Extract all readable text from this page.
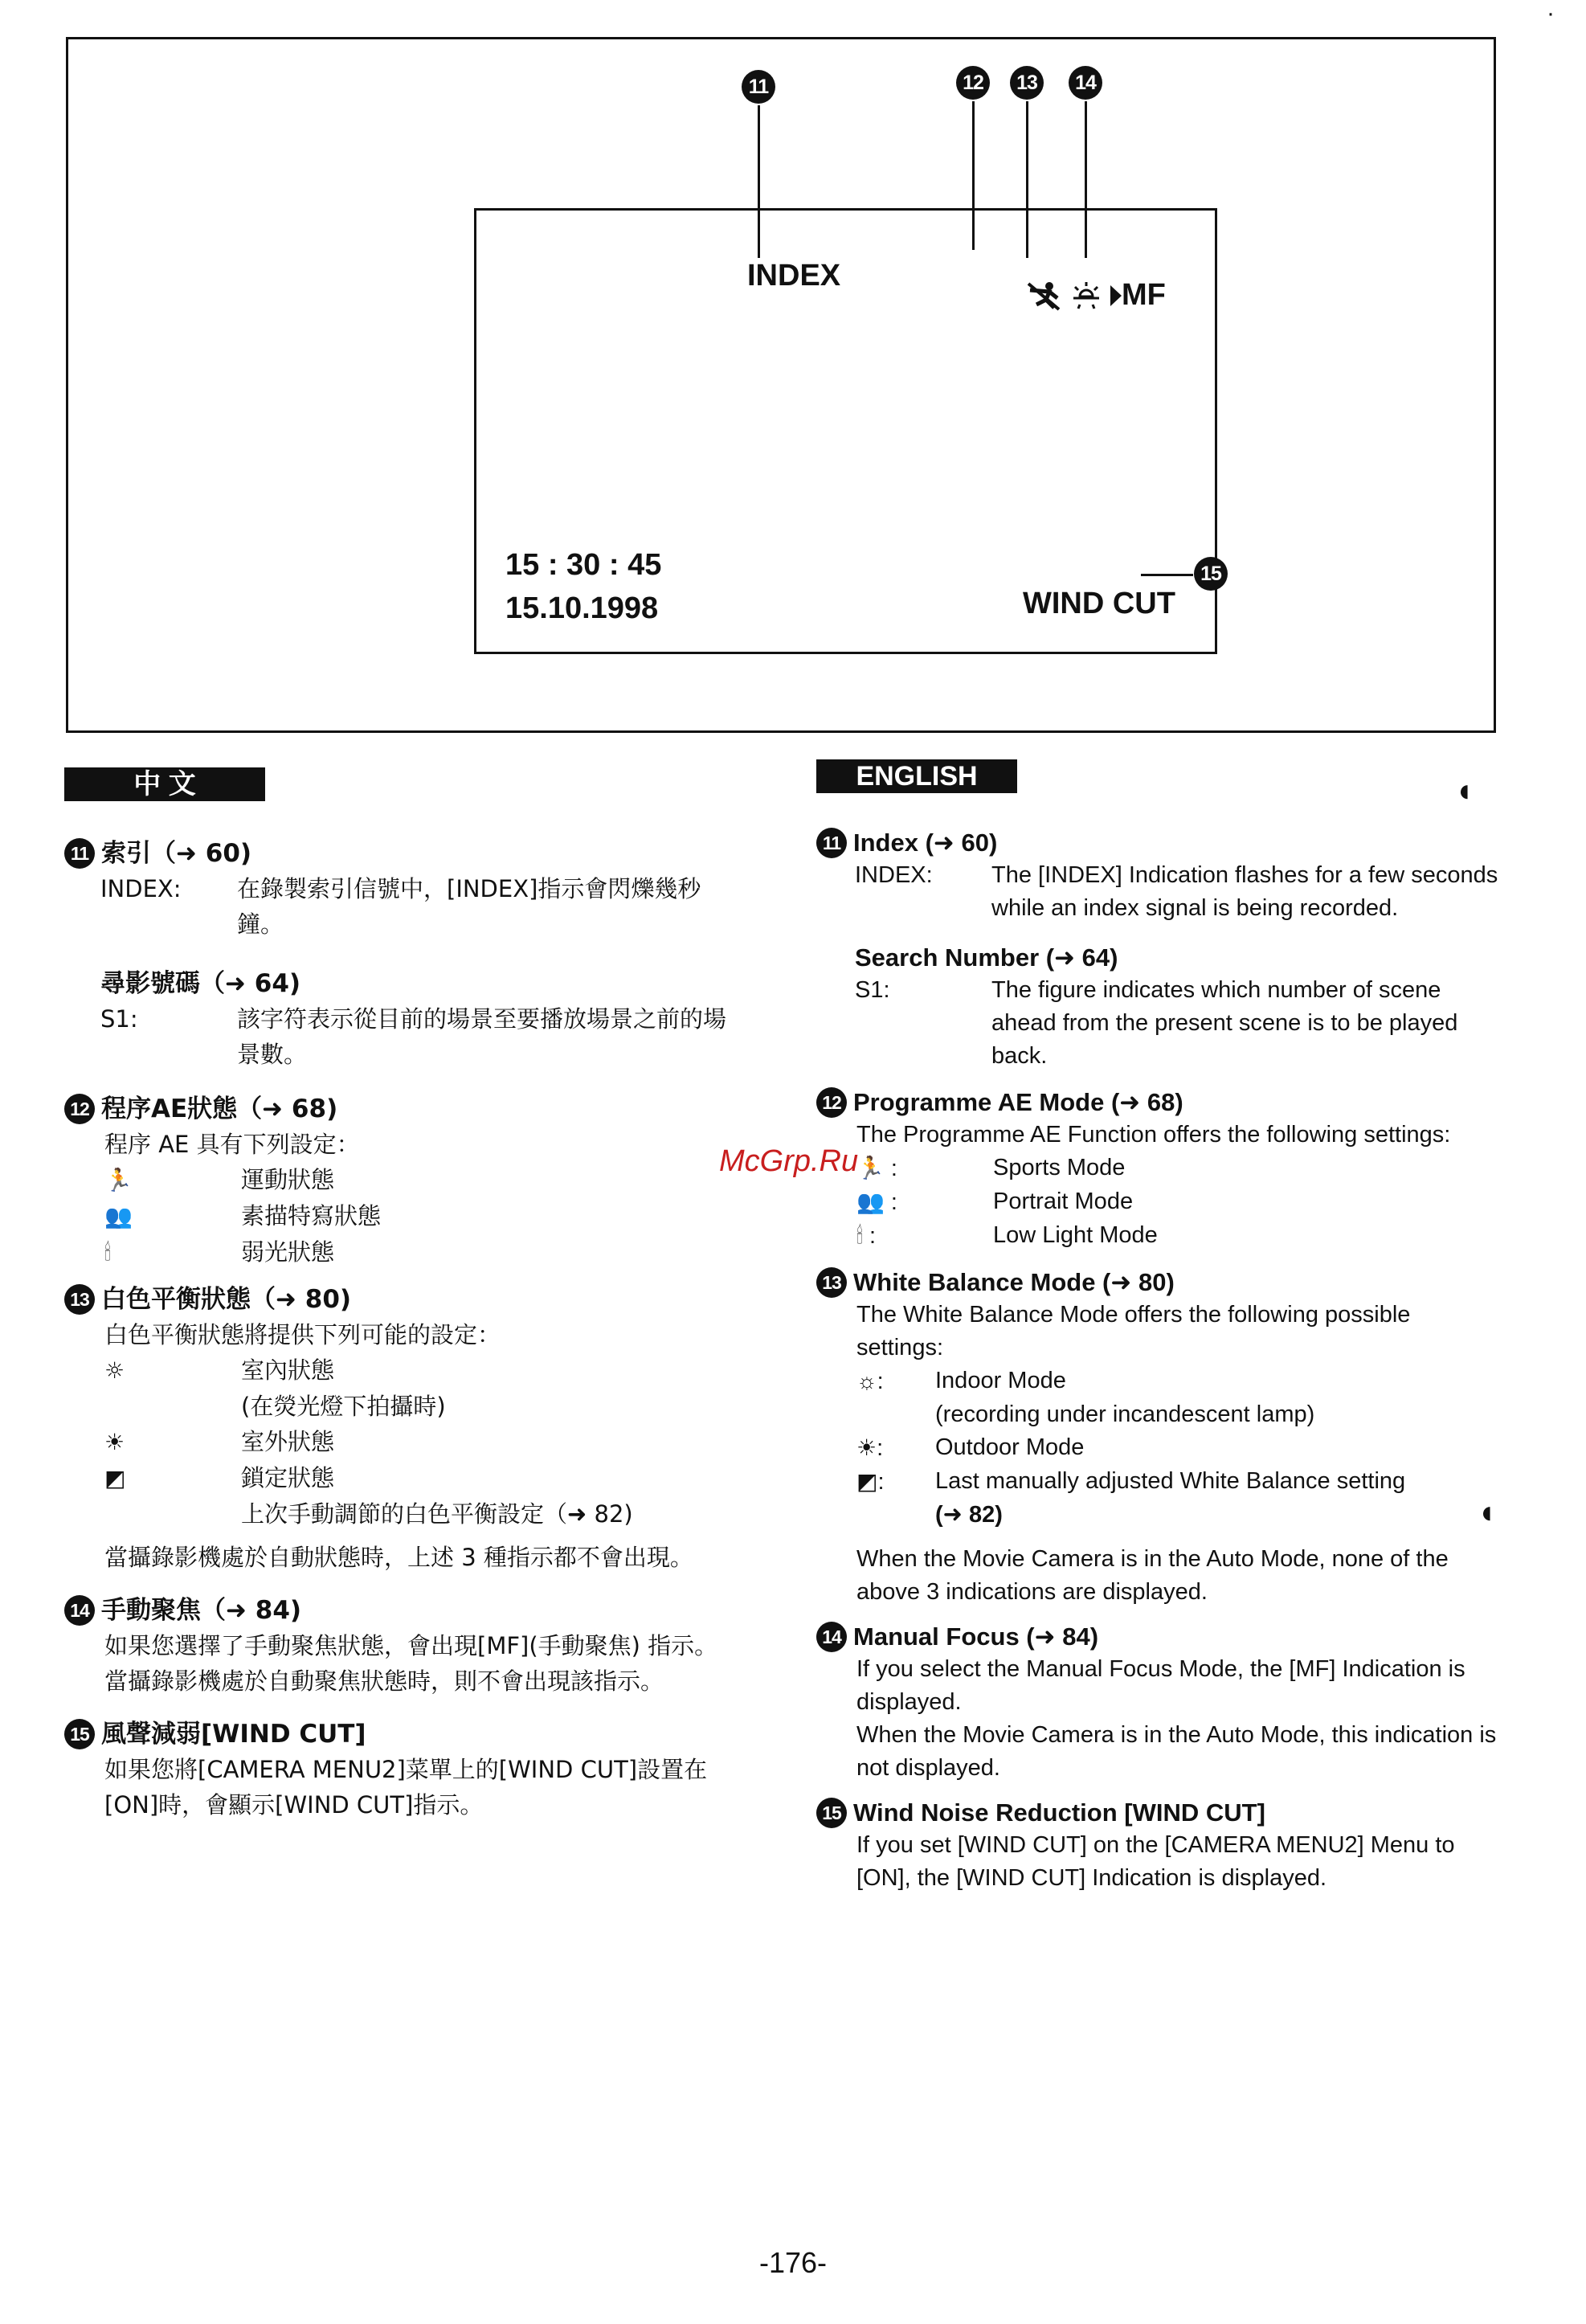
11	12	13	14
INDEX
MF
15 : 30 : 45
15.10.1998	WIND CUT
15
·
中 文
11 索引（➜ 60)
INDEX:	在錄製索引信號中，[INDEX]指示會閃爍幾秒鐘。
尋影號碼（➜ 64)
S1:	該字符表示從目前的場景至要播放場景之前的場景數。
12 程序AE狀態（➜ 68)

程序 AE 具有下列設定：

🏃	運動狀態
👥	素描特寫狀態
🕯	弱光狀態
13 白色平衡狀態（➜ 80)

白色平衡狀態將提供下列可能的設定：

☼	室內狀態
(在熒光燈下拍攝時)
☀	室外狀態
◩	鎖定狀態
上次手動調節的白色平衡設定（➜ 82)

當攝錄影機處於自動狀態時，上述 3 種指示都不會出現。

14 手動聚焦（➜ 84)

如果您選擇了手動聚焦狀態，會出現[MF](手動聚焦) 指示。

當攝錄影機處於自動聚焦狀態時，則不會出現該指示。

15 風聲減弱[WIND CUT]

如果您將[CAMERA MENU2]菜單上的[WIND CUT]設置在[ON]時，會顯示[WIND CUT]指示。

McGrp.Ru
ENGLISH	◖
11 Index (➜ 60)
INDEX:	The [INDEX] Indication flashes for a few seconds while an index signal is being recorded.
Search Number (➜ 64)
S1:	The figure indicates which number of scene ahead from the present scene is to be played back.
12 Programme AE Mode (➜ 68)

The Programme AE Function offers the following settings:

🏃 :	Sports Mode
👥 :	Portrait Mode
🕯 :	Low Light Mode
13 White Balance Mode (➜ 80)

The White Balance Mode offers the following possible settings:

☼:	Indoor Mode
(recording under incandescent lamp)
☀:	Outdoor Mode
◩:	Last manually adjusted White Balance setting
(➜ 82)

When the Movie Camera is in the Auto Mode, none of the above 3 indications are displayed.

14 Manual Focus (➜ 84)

If you select the Manual Focus Mode, the [MF] Indication is displayed.

When the Movie Camera is in the Auto Mode, this indication is not displayed.

15 Wind Noise Reduction [WIND CUT]

If you set [WIND CUT] on the [CAMERA MENU2] Menu to [ON], the [WIND CUT] Indication is displayed.

◖
-176-
